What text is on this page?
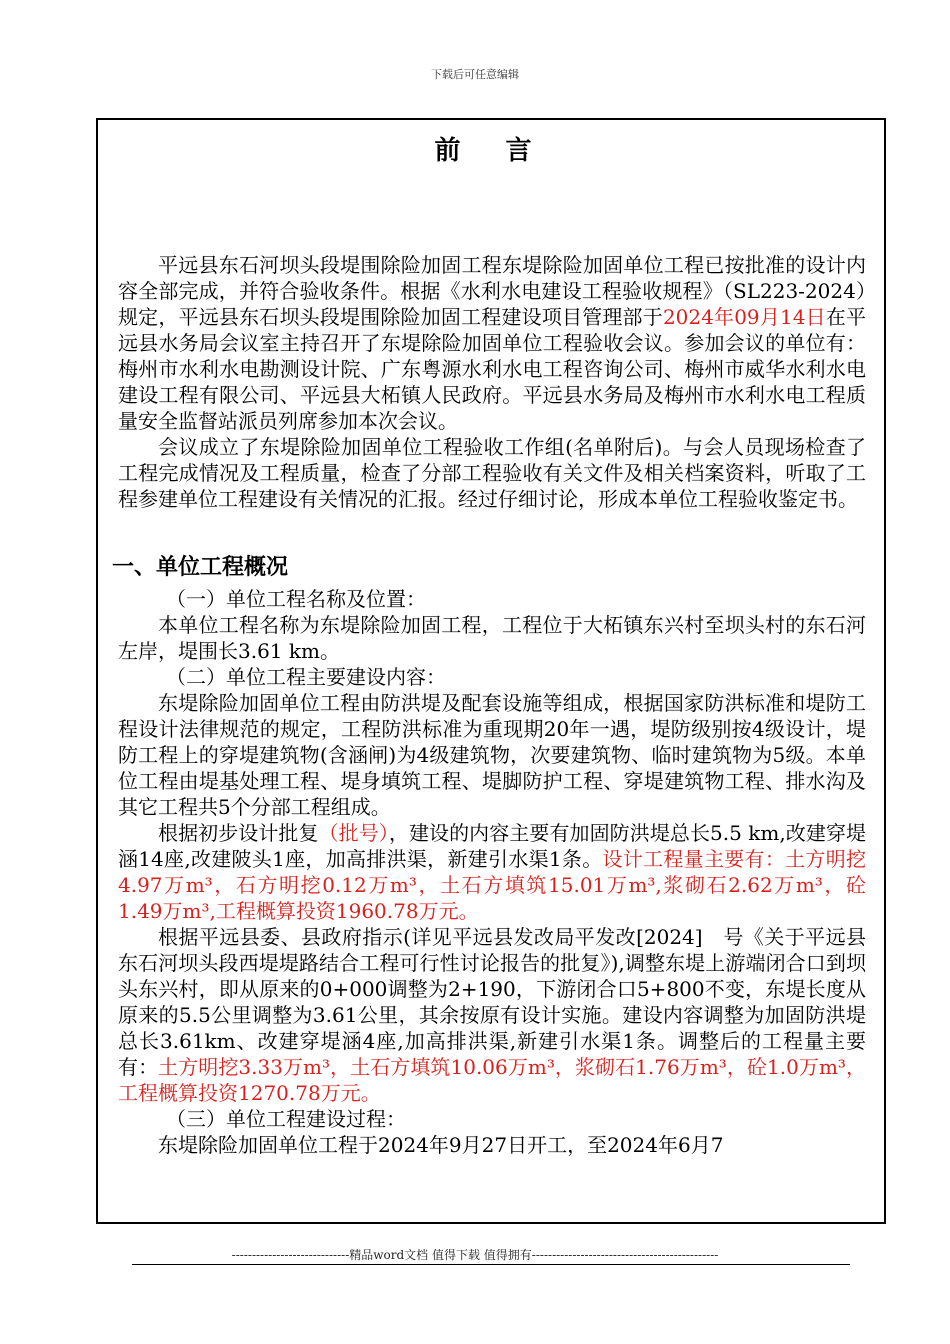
下载后可任意编辑
前 言

平远县东石河坝头段堤围除险加固工程东堤除险加固单位工程已按批准的设计内容全部完成，并符合验收条件。根据《水利水电建设工程验收规程》（SL223-2024）规定，平远县东石坝头段堤围除险加固工程建设项目管理部于2024年09月14日在平远县水务局会议室主持召开了东堤除险加固单位工程验收会议。参加会议的单位有：梅州市水利水电勘测设计院、广东粤源水利水电工程咨询公司、梅州市威华水利水电建设工程有限公司、平远县大柘镇人民政府。平远县水务局及梅州市水利水电工程质量安全监督站派员列席参加本次会议。

会议成立了东堤除险加固单位工程验收工作组(名单附后)。与会人员现场检查了工程完成情况及工程质量，检查了分部工程验收有关文件及相关档案资料，听取了工程参建单位工程建设有关情况的汇报。经过仔细讨论，形成本单位工程验收鉴定书。

一、单位工程概况

（一）单位工程名称及位置：

本单位工程名称为东堤除险加固工程，工程位于大柘镇东兴村至坝头村的东石河左岸，堤围长3.61 km。

（二）单位工程主要建设内容：

东堤除险加固单位工程由防洪堤及配套设施等组成，根据国家防洪标准和堤防工程设计法律规范的规定，工程防洪标准为重现期20年一遇，堤防级别按4级设计，堤防工程上的穿堤建筑物(含涵闸)为4级建筑物，次要建筑物、临时建筑物为5级。本单位工程由堤基处理工程、堤身填筑工程、堤脚防护工程、穿堤建筑物工程、排水沟及其它工程共5个分部工程组成。

根据初步设计批复（批号），建设的内容主要有加固防洪堤总长5.5 km,改建穿堤涵14座,改建陂头1座，加高排洪渠，新建引水渠1条。设计工程量主要有：土方明挖4.97万m³，石方明挖0.12万m³，土石方填筑15.01万m³,浆砌石2.62万m³，砼1.49万m³,工程概算投资1960.78万元。

根据平远县委、县政府指示(详见平远县发改局平发改[2024]　号《关于平远县东石河坝头段西堤堤路结合工程可行性讨论报告的批复》),调整东堤上游端闭合口到坝头东兴村，即从原来的0+000调整为2+190，下游闭合口5+800不变，东堤长度从原来的5.5公里调整为3.61公里，其余按原有设计实施。建设内容调整为加固防洪堤总长3.61km、改建穿堤涵4座,加高排洪渠,新建引水渠1条。调整后的工程量主要有：土方明挖3.33万m³，土石方填筑10.06万m³，浆砌石1.76万m³，砼1.0万m³，工程概算投资1270.78万元。

（三）单位工程建设过程：

东堤除险加固单位工程于2024年9月27日开工，至2024年6月7

-----------------------------精品word文档 值得下载 值得拥有----------------------------------------------
